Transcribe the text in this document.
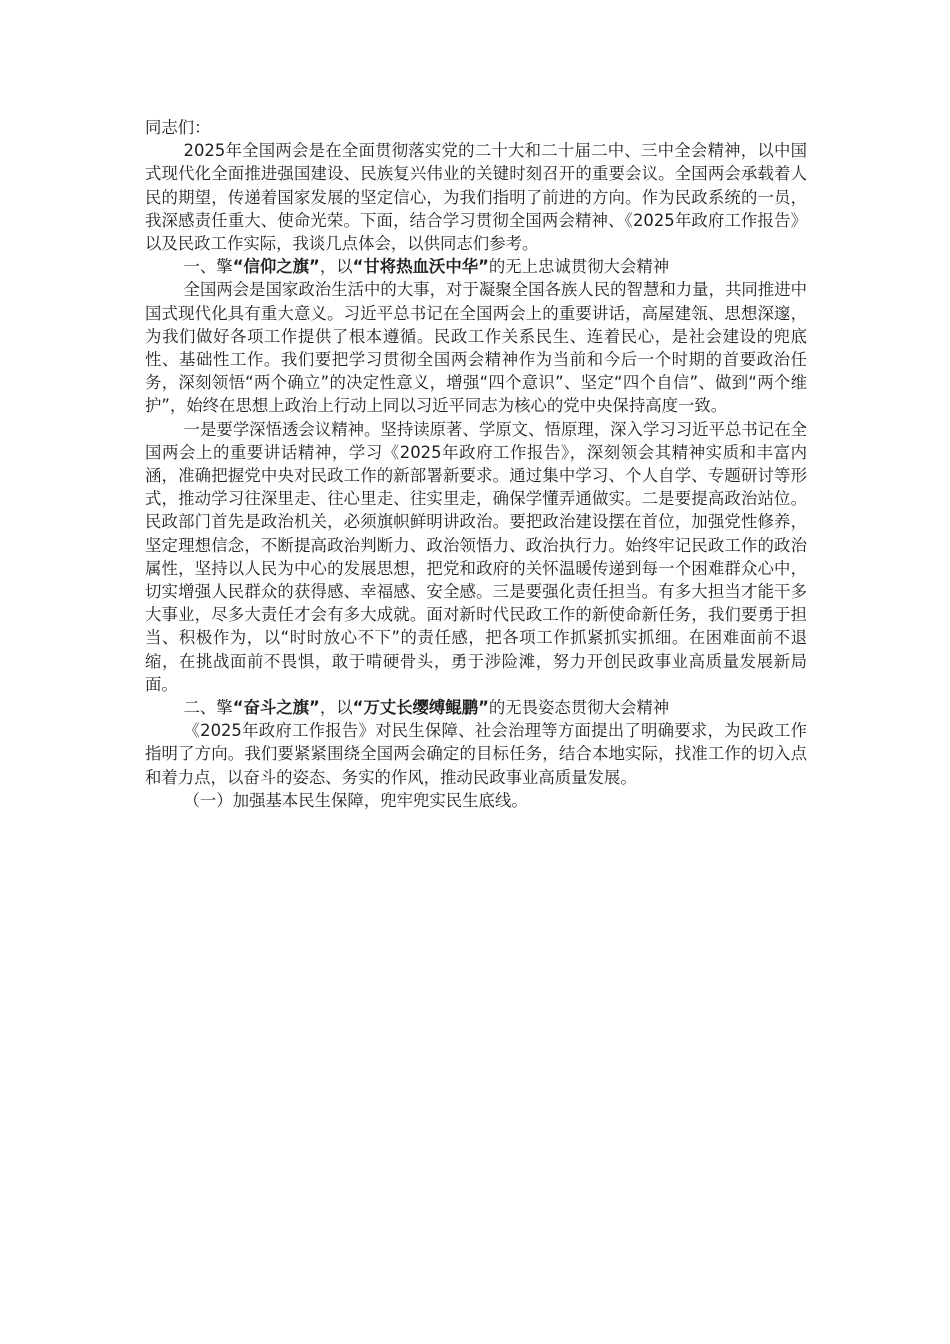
同志们：

2025年全国两会是在全面贯彻落实党的二十大和二十届二中、三中全会精神，以中国式现代化全面推进强国建设、民族复兴伟业的关键时刻召开的重要会议。全国两会承载着人民的期望，传递着国家发展的坚定信心，为我们指明了前进的方向。作为民政系统的一员，我深感责任重大、使命光荣。下面，结合学习贯彻全国两会精神、《2025年政府工作报告》以及民政工作实际，我谈几点体会，以供同志们参考。

一、擎“信仰之旗”，以“甘将热血沃中华”的无上忠诚贯彻大会精神

全国两会是国家政治生活中的大事，对于凝聚全国各族人民的智慧和力量，共同推进中国式现代化具有重大意义。习近平总书记在全国两会上的重要讲话，高屋建瓴、思想深邃，为我们做好各项工作提供了根本遵循。民政工作关系民生、连着民心，是社会建设的兜底性、基础性工作。我们要把学习贯彻全国两会精神作为当前和今后一个时期的首要政治任务，深刻领悟“两个确立”的决定性意义，增强“四个意识”、坚定“四个自信”、做到“两个维护”，始终在思想上政治上行动上同以习近平同志为核心的党中央保持高度一致。

一是要学深悟透会议精神。坚持读原著、学原文、悟原理，深入学习习近平总书记在全国两会上的重要讲话精神，学习《2025年政府工作报告》，深刻领会其精神实质和丰富内涵，准确把握党中央对民政工作的新部署新要求。通过集中学习、个人自学、专题研讨等形式，推动学习往深里走、往心里走、往实里走，确保学懂弄通做实。二是要提高政治站位。民政部门首先是政治机关，必须旗帜鲜明讲政治。要把政治建设摆在首位，加强党性修养，坚定理想信念，不断提高政治判断力、政治领悟力、政治执行力。始终牢记民政工作的政治属性，坚持以人民为中心的发展思想，把党和政府的关怀温暖传递到每一个困难群众心中，切实增强人民群众的获得感、幸福感、安全感。三是要强化责任担当。有多大担当才能干多大事业，尽多大责任才会有多大成就。面对新时代民政工作的新使命新任务，我们要勇于担当、积极作为，以“时时放心不下”的责任感，把各项工作抓紧抓实抓细。在困难面前不退缩，在挑战面前不畏惧，敢于啃硬骨头，勇于涉险滩，努力开创民政事业高质量发展新局面。

二、擎“奋斗之旗”，以“万丈长缨缚鲲鹏”的无畏姿态贯彻大会精神

《2025年政府工作报告》对民生保障、社会治理等方面提出了明确要求，为民政工作指明了方向。我们要紧紧围绕全国两会确定的目标任务，结合本地实际，找准工作的切入点和着力点，以奋斗的姿态、务实的作风，推动民政事业高质量发展。

（一）加强基本民生保障，兜牢兜实民生底线。
